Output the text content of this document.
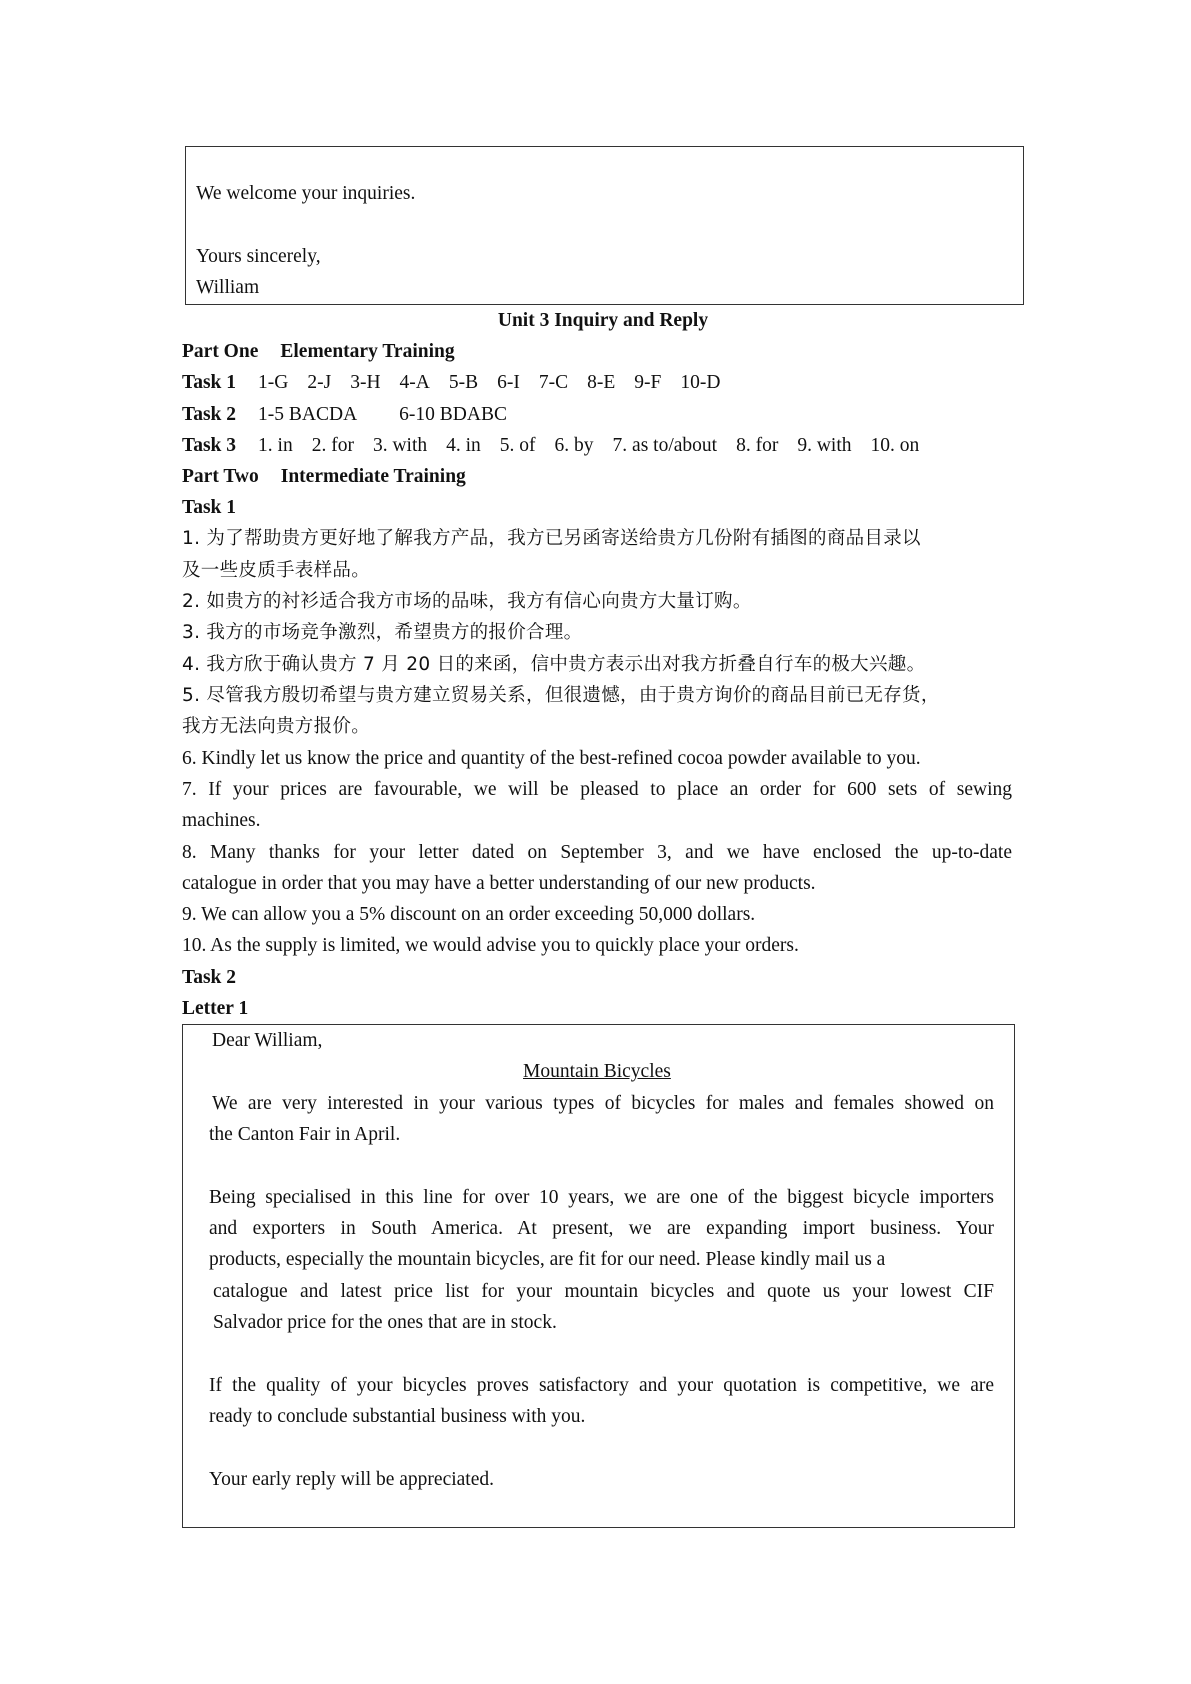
We welcome your inquiries.
Yours sincerely,
William
Unit 3 Inquiry and Reply
Part One Elementary Training
Task 1 1-G 2-J 3-H 4-A 5-B 6-I 7-C 8-E 9-F 10-D
Task 2 1-5 BACDA 6-10 BDABC
Task 3 1. in 2. for 3. with 4. in 5. of 6. by 7. as to/about 8. for 9. with 10. on
Part Two Intermediate Training
Task 1
1. 为了帮助贵方更好地了解我方产品，我方已另函寄送给贵方几份附有插图的商品目录以
及一些皮质手表样品。
2. 如贵方的衬衫适合我方市场的品味，我方有信心向贵方大量订购。
3. 我方的市场竞争激烈，希望贵方的报价合理。
4. 我方欣于确认贵方 7 月 20 日的来函，信中贵方表示出对我方折叠自行车的极大兴趣。
5. 尽管我方殷切希望与贵方建立贸易关系，但很遗憾，由于贵方询价的商品目前已无存货，
我方无法向贵方报价。
6. Kindly let us know the price and quantity of the best-refined cocoa powder available to you.
7. If your prices are favourable, we will be pleased to place an order for 600 sets of sewing
machines.
8. Many thanks for your letter dated on September 3, and we have enclosed the up-to-date
catalogue in order that you may have a better understanding of our new products.
9. We can allow you a 5% discount on an order exceeding 50,000 dollars.
10. As the supply is limited, we would advise you to quickly place your orders.
Task 2
Letter 1
Dear William,
Mountain Bicycles
We are very interested in your various types of bicycles for males and females showed on
the Canton Fair in April.
Being specialised in this line for over 10 years, we are one of the biggest bicycle importers
and exporters in South America. At present, we are expanding import business. Your
products, especially the mountain bicycles, are fit for our need. Please kindly mail us a
catalogue and latest price list for your mountain bicycles and quote us your lowest CIF
Salvador price for the ones that are in stock.
If the quality of your bicycles proves satisfactory and your quotation is competitive, we are
ready to conclude substantial business with you.
Your early reply will be appreciated.
